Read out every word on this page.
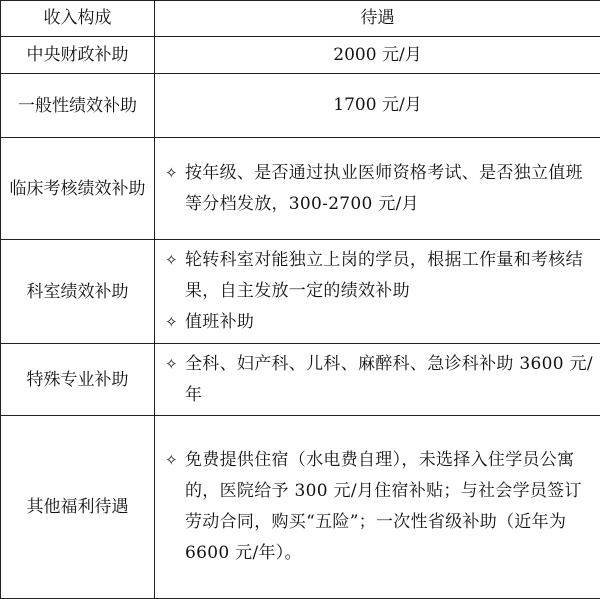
收入构成	待遇
中央财政补助	2000 元/月
一般性绩效补助	1700 元/月
临床考核绩效补助	✧ 按年级、是否通过执业医师资格考试、是否独立值班等分档发放，300-2700 元/月

科室绩效补助	✧ 轮转科室对能独立上岗的学员，根据工作量和考核结果，自主发放一定的绩效补助
✧ 值班补助

特殊专业补助	✧ 全科、妇产科、儿科、麻醉科、急诊科补助 3600 元/年

其他福利待遇	✧ 免费提供住宿（水电费自理），未选择入住学员公寓的，医院给予 300 元/月住宿补贴；与社会学员签订劳动合同，购买“五险”；一次性省级补助（近年为 6600 元/年）。
